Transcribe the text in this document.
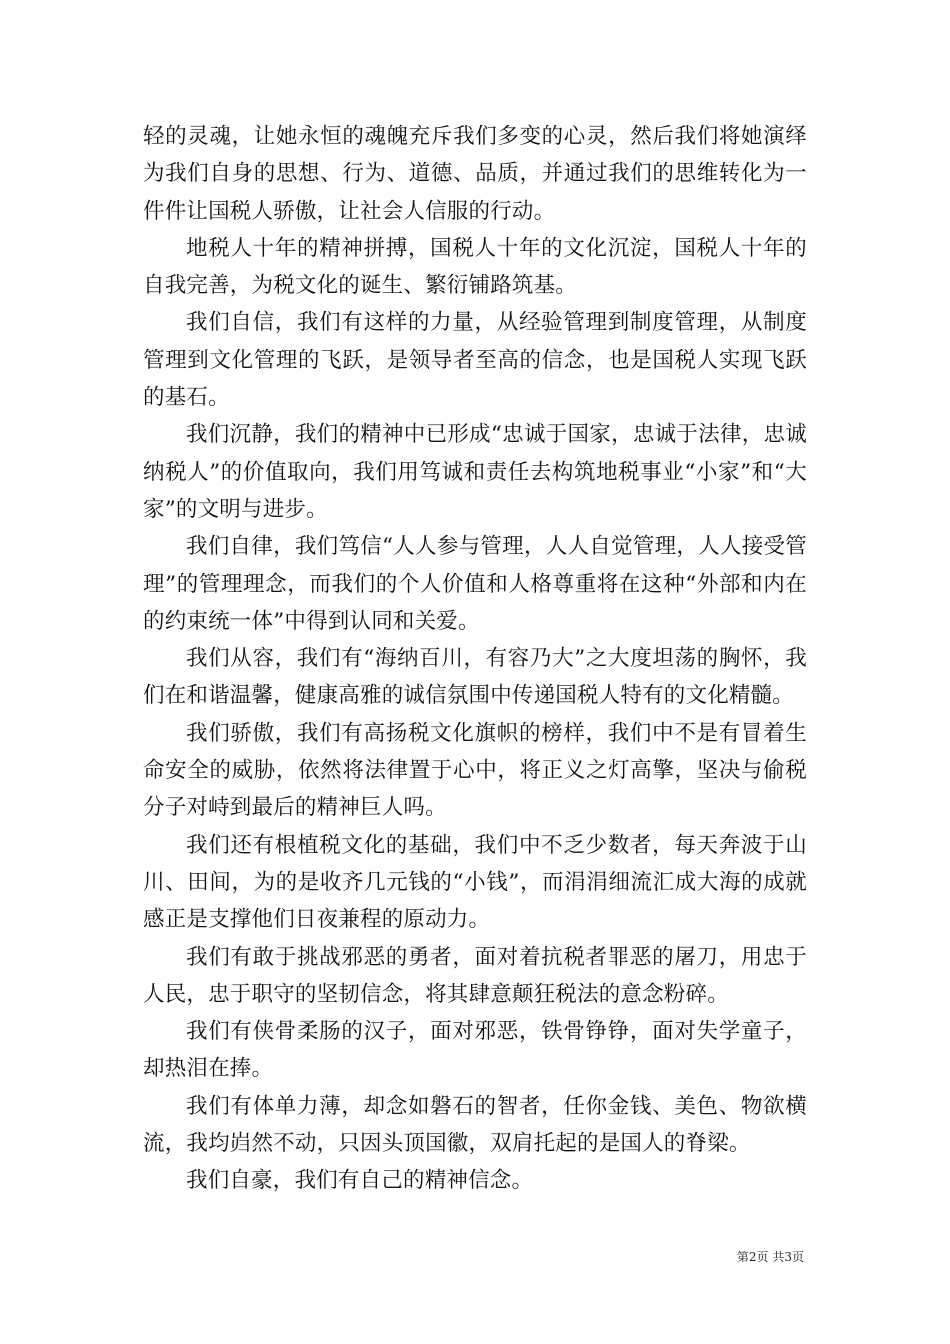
轻的灵魂，让她永恒的魂魄充斥我们多变的心灵，然后我们将她演绎为我们自身的思想、行为、道德、品质，并通过我们的思维转化为一件件让国税人骄傲，让社会人信服的行动。

地税人十年的精神拼搏，国税人十年的文化沉淀，国税人十年的自我完善，为税文化的诞生、繁衍铺路筑基。

我们自信，我们有这样的力量，从经验管理到制度管理，从制度管理到文化管理的飞跃，是领导者至高的信念，也是国税人实现飞跃的基石。

我们沉静，我们的精神中已形成“忠诚于国家，忠诚于法律，忠诚纳税人”的价值取向，我们用笃诚和责任去构筑地税事业“小家”和“大家”的文明与进步。

我们自律，我们笃信“人人参与管理，人人自觉管理，人人接受管理”的管理理念，而我们的个人价值和人格尊重将在这种“外部和内在的约束统一体”中得到认同和关爱。

我们从容，我们有“海纳百川，有容乃大”之大度坦荡的胸怀，我们在和谐温馨，健康高雅的诚信氛围中传递国税人特有的文化精髓。

我们骄傲，我们有高扬税文化旗帜的榜样，我们中不是有冒着生命安全的威胁，依然将法律置于心中，将正义之灯高擎，坚决与偷税分子对峙到最后的精神巨人吗。

我们还有根植税文化的基础，我们中不乏少数者，每天奔波于山川、田间，为的是收齐几元钱的“小钱”，而涓涓细流汇成大海的成就感正是支撑他们日夜兼程的原动力。

我们有敢于挑战邪恶的勇者，面对着抗税者罪恶的屠刀，用忠于人民，忠于职守的坚韧信念，将其肆意颠狂税法的意念粉碎。

我们有侠骨柔肠的汉子，面对邪恶，铁骨铮铮，面对失学童子，却热泪在捧。

我们有体单力薄，却念如磐石的智者，任你金钱、美色、物欲横流，我均岿然不动，只因头顶国徽，双肩托起的是国人的脊梁。

我们自豪，我们有自己的精神信念。

第2页 共3页
